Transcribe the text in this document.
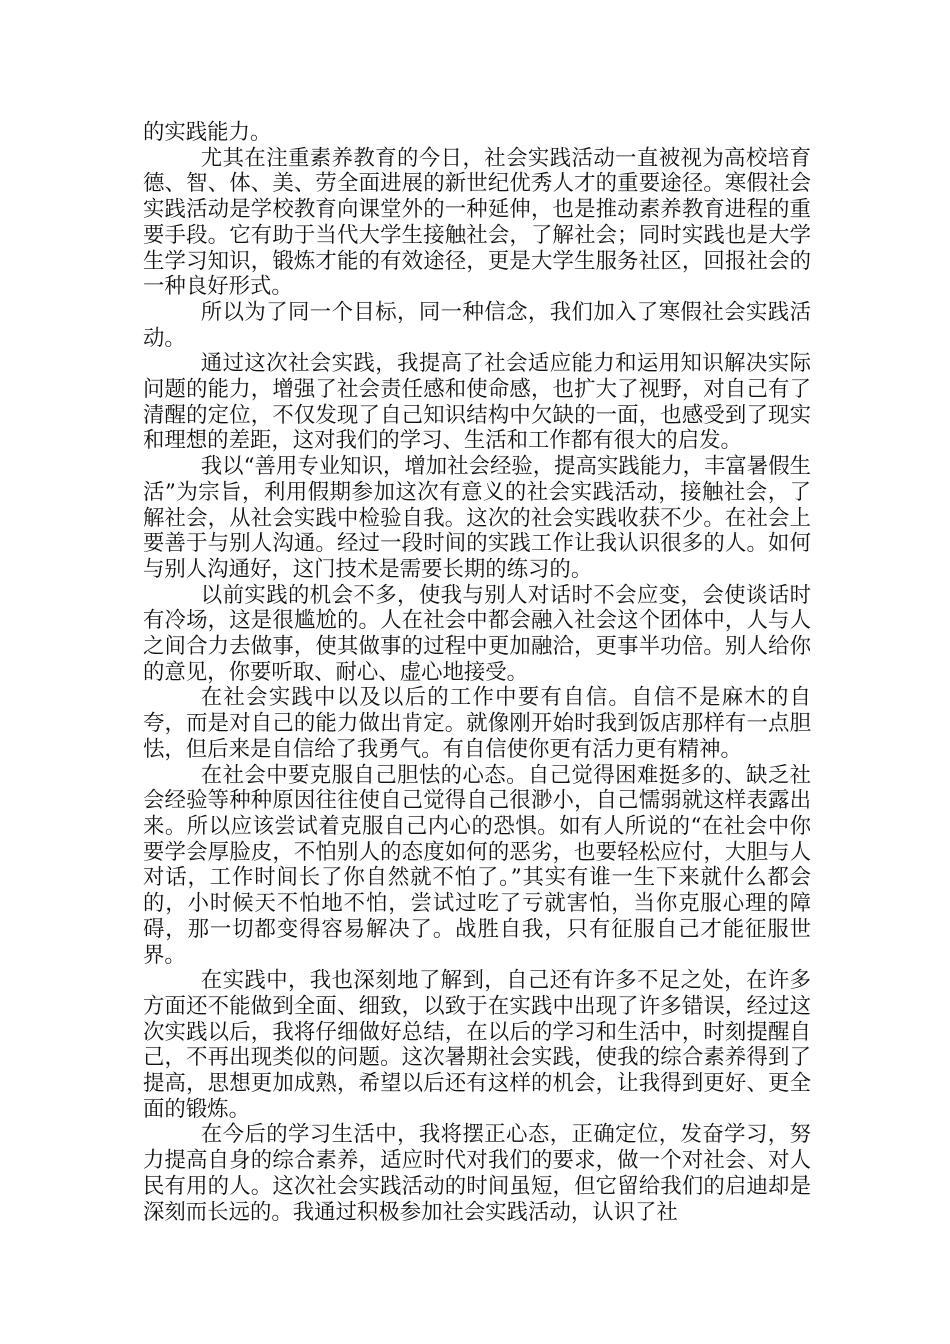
的实践能力。

尤其在注重素养教育的今日，社会实践活动一直被视为高校培育德、智、体、美、劳全面进展的新世纪优秀人才的重要途径。寒假社会实践活动是学校教育向课堂外的一种延伸，也是推动素养教育进程的重要手段。它有助于当代大学生接触社会，了解社会；同时实践也是大学生学习知识，锻炼才能的有效途径，更是大学生服务社区，回报社会的一种良好形式。

所以为了同一个目标，同一种信念，我们加入了寒假社会实践活动。

通过这次社会实践，我提高了社会适应能力和运用知识解决实际问题的能力，增强了社会责任感和使命感，也扩大了视野，对自己有了清醒的定位，不仅发现了自己知识结构中欠缺的一面，也感受到了现实和理想的差距，这对我们的学习、生活和工作都有很大的启发。

我以“善用专业知识，增加社会经验，提高实践能力，丰富暑假生活”为宗旨，利用假期参加这次有意义的社会实践活动，接触社会，了解社会，从社会实践中检验自我。这次的社会实践收获不少。在社会上要善于与别人沟通。经过一段时间的实践工作让我认识很多的人。如何与别人沟通好，这门技术是需要长期的练习的。

以前实践的机会不多，使我与别人对话时不会应变，会使谈话时有冷场，这是很尴尬的。人在社会中都会融入社会这个团体中，人与人之间合力去做事，使其做事的过程中更加融洽，更事半功倍。别人给你的意见，你要听取、耐心、虚心地接受。

在社会实践中以及以后的工作中要有自信。自信不是麻木的自夸，而是对自己的能力做出肯定。就像刚开始时我到饭店那样有一点胆怯，但后来是自信给了我勇气。有自信使你更有活力更有精神。

在社会中要克服自己胆怯的心态。自己觉得困难挺多的、缺乏社会经验等种种原因往往使自己觉得自己很渺小，自己懦弱就这样表露出来。所以应该尝试着克服自己内心的恐惧。如有人所说的“在社会中你要学会厚脸皮，不怕别人的态度如何的恶劣，也要轻松应付，大胆与人对话，工作时间长了你自然就不怕了。”其实有谁一生下来就什么都会的，小时候天不怕地不怕，尝试过吃了亏就害怕，当你克服心理的障碍，那一切都变得容易解决了。战胜自我，只有征服自己才能征服世界。

在实践中，我也深刻地了解到，自己还有许多不足之处，在许多方面还不能做到全面、细致，以致于在实践中出现了许多错误，经过这次实践以后，我将仔细做好总结，在以后的学习和生活中，时刻提醒自己，不再出现类似的问题。这次暑期社会实践，使我的综合素养得到了提高，思想更加成熟，希望以后还有这样的机会，让我得到更好、更全面的锻炼。

在今后的学习生活中，我将摆正心态，正确定位，发奋学习，努力提高自身的综合素养，适应时代对我们的要求，做一个对社会、对人民有用的人。这次社会实践活动的时间虽短，但它留给我们的启迪却是深刻而长远的。我通过积极参加社会实践活动，认识了社
